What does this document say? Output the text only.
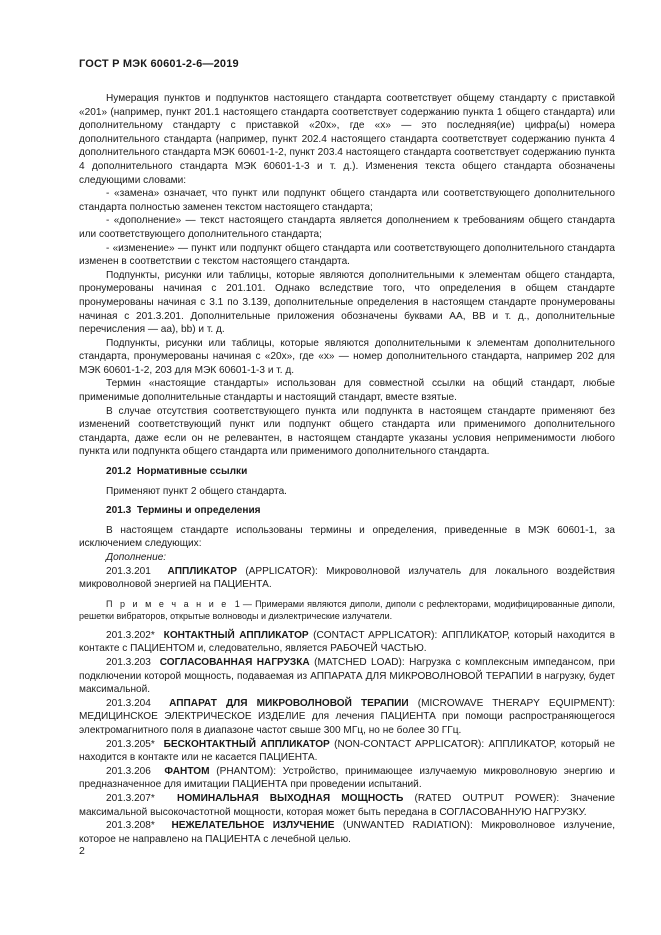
ГОСТ Р МЭК 60601-2-6—2019

Нумерация пунктов и подпунктов настоящего стандарта соответствует общему стандарту с приставкой «201» (например, пункт 201.1 настоящего стандарта соответствует содержанию пункта 1 общего стандарта) или дополнительному стандарту с приставкой «20x», где «x» — это последняя(ие) цифра(ы) номера дополнительного стандарта (например, пункт 202.4 настоящего стандарта соответствует содержанию пункта 4 дополнительного стандарта МЭК 60601-1-2, пункт 203.4 настоящего стандарта соответствует содержанию пункта 4 дополнительного стандарта МЭК 60601-1-3 и т. д.). Изменения текста общего стандарта обозначены следующими словами:

- «замена» означает, что пункт или подпункт общего стандарта или соответствующего дополнительного стандарта полностью заменен текстом настоящего стандарта;

- «дополнение» — текст настоящего стандарта является дополнением к требованиям общего стандарта или соответствующего дополнительного стандарта;

- «изменение» — пункт или подпункт общего стандарта или соответствующего дополнительного стандарта изменен в соответствии с текстом настоящего стандарта.

Подпункты, рисунки или таблицы, которые являются дополнительными к элементам общего стандарта, пронумерованы начиная с 201.101. Однако вследствие того, что определения в общем стандарте пронумерованы начиная с 3.1 по 3.139, дополнительные определения в настоящем стандарте пронумерованы начиная с 201.3.201. Дополнительные приложения обозначены буквами AA, BB и т. д., дополнительные перечисления — aa), bb) и т. д.

Подпункты, рисунки или таблицы, которые являются дополнительными к элементам дополнительного стандарта, пронумерованы начиная с «20x», где «x» — номер дополнительного стандарта, например 202 для МЭК 60601-1-2, 203 для МЭК 60601-1-3 и т. д.

Термин «настоящие стандарты» использован для совместной ссылки на общий стандарт, любые применимые дополнительные стандарты и настоящий стандарт, вместе взятые.

В случае отсутствия соответствующего пункта или подпункта в настоящем стандарте применяют без изменений соответствующий пункт или подпункт общего стандарта или применимого дополнительного стандарта, даже если он не релевантен, в настоящем стандарте указаны условия неприменимости любого пункта или подпункта общего стандарта или применимого дополнительного стандарта.

201.2 Нормативные ссылки

Применяют пункт 2 общего стандарта.

201.3 Термины и определения

В настоящем стандарте использованы термины и определения, приведенные в МЭК 60601-1, за исключением следующих:

Дополнение:

201.3.201 АППЛИКАТОР (APPLICATOR): Микроволновой излучатель для локального воздействия микроволновой энергией на ПАЦИЕНТА.

П р и м е ч а н и е 1 — Примерами являются диполи, диполи с рефлекторами, модифицированные диполи, решетки вибраторов, открытые волноводы и диэлектрические излучатели.

201.3.202* КОНТАКТНЫЙ АППЛИКАТОР (CONTACT APPLICATOR): АППЛИКАТОР, который находится в контакте с ПАЦИЕНТОМ и, следовательно, является РАБОЧЕЙ ЧАСТЬЮ.

201.3.203 СОГЛАСОВАННАЯ НАГРУЗКА (MATCHED LOAD): Нагрузка с комплексным импедансом, при подключении которой мощность, подаваемая из АППАРАТА ДЛЯ МИКРОВОЛНОВОЙ ТЕРАПИИ в нагрузку, будет максимальной.

201.3.204 АППАРАТ ДЛЯ МИКРОВОЛНОВОЙ ТЕРАПИИ (MICROWAVE THERAPY EQUIPMENT): МЕДИЦИНСКОЕ ЭЛЕКТРИЧЕСКОЕ ИЗДЕЛИЕ для лечения ПАЦИЕНТА при помощи распространяющегося электромагнитного поля в диапазоне частот свыше 300 МГц, но не более 30 ГГц.

201.3.205* БЕСКОНТАКТНЫЙ АППЛИКАТОР (NON-CONTACT APPLICATOR): АППЛИКАТОР, который не находится в контакте или не касается ПАЦИЕНТА.

201.3.206 ФАНТОМ (PHANTOM): Устройство, принимающее излучаемую микроволновую энергию и предназначенное для имитации ПАЦИЕНТА при проведении испытаний.

201.3.207* НОМИНАЛЬНАЯ ВЫХОДНАЯ МОЩНОСТЬ (RATED OUTPUT POWER): Значение максимальной высокочастотной мощности, которая может быть передана в СОГЛАСОВАННУЮ НАГРУЗКУ.

201.3.208* НЕЖЕЛАТЕЛЬНОЕ ИЗЛУЧЕНИЕ (UNWANTED RADIATION): Микроволновое излучение, которое не направлено на ПАЦИЕНТА с лечебной целью.

2
